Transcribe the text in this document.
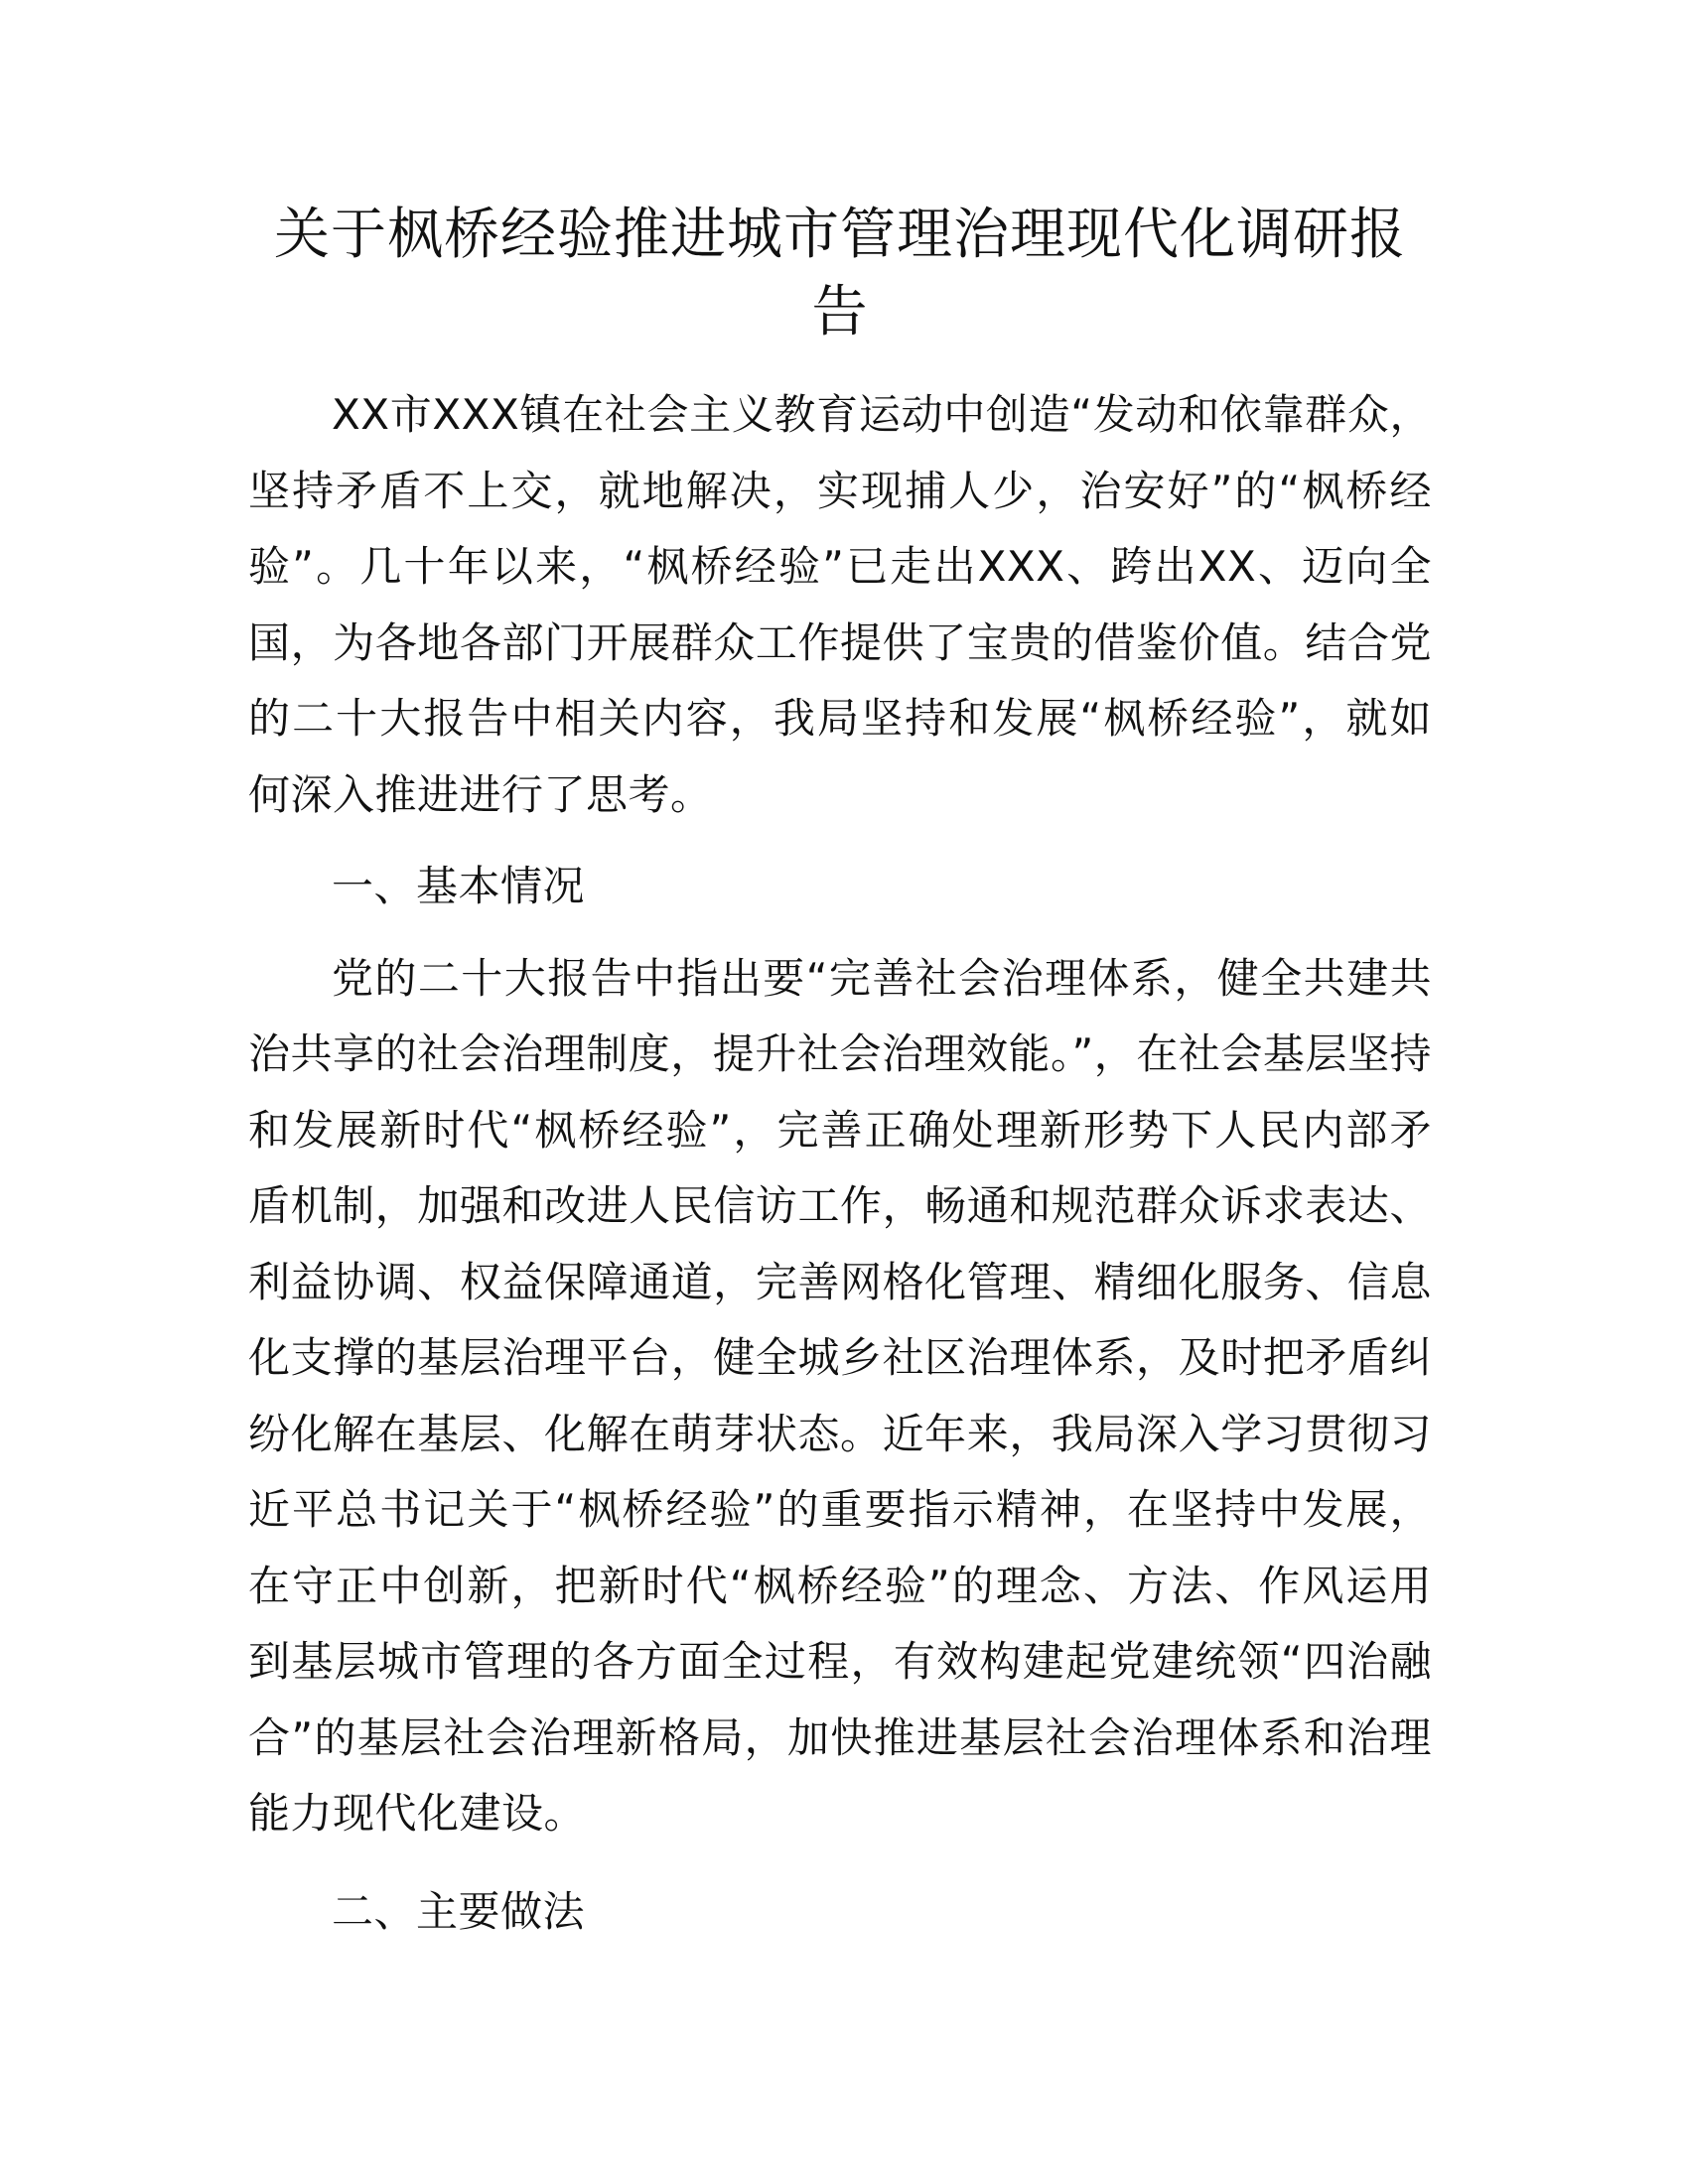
关于枫桥经验推进城市管理治理现代化调研报告

XX市XXX镇在社会主义教育运动中创造“发动和依靠群众，坚持矛盾不上交，就地解决，实现捕人少，治安好”的“枫桥经验”。几十年以来，“枫桥经验”已走出XXX、跨出XX、迈向全国，为各地各部门开展群众工作提供了宝贵的借鉴价值。结合党的二十大报告中相关内容，我局坚持和发展“枫桥经验”，就如何深入推进进行了思考。

一、基本情况

党的二十大报告中指出要“完善社会治理体系，健全共建共治共享的社会治理制度，提升社会治理效能。”，在社会基层坚持和发展新时代“枫桥经验”，完善正确处理新形势下人民内部矛盾机制，加强和改进人民信访工作，畅通和规范群众诉求表达、利益协调、权益保障通道，完善网格化管理、精细化服务、信息化支撑的基层治理平台，健全城乡社区治理体系，及时把矛盾纠纷化解在基层、化解在萌芽状态。近年来，我局深入学习贯彻习近平总书记关于“枫桥经验”的重要指示精神，在坚持中发展，在守正中创新，把新时代“枫桥经验”的理念、方法、作风运用到基层城市管理的各方面全过程，有效构建起党建统领“四治融合”的基层社会治理新格局，加快推进基层社会治理体系和治理能力现代化建设。

二、主要做法
